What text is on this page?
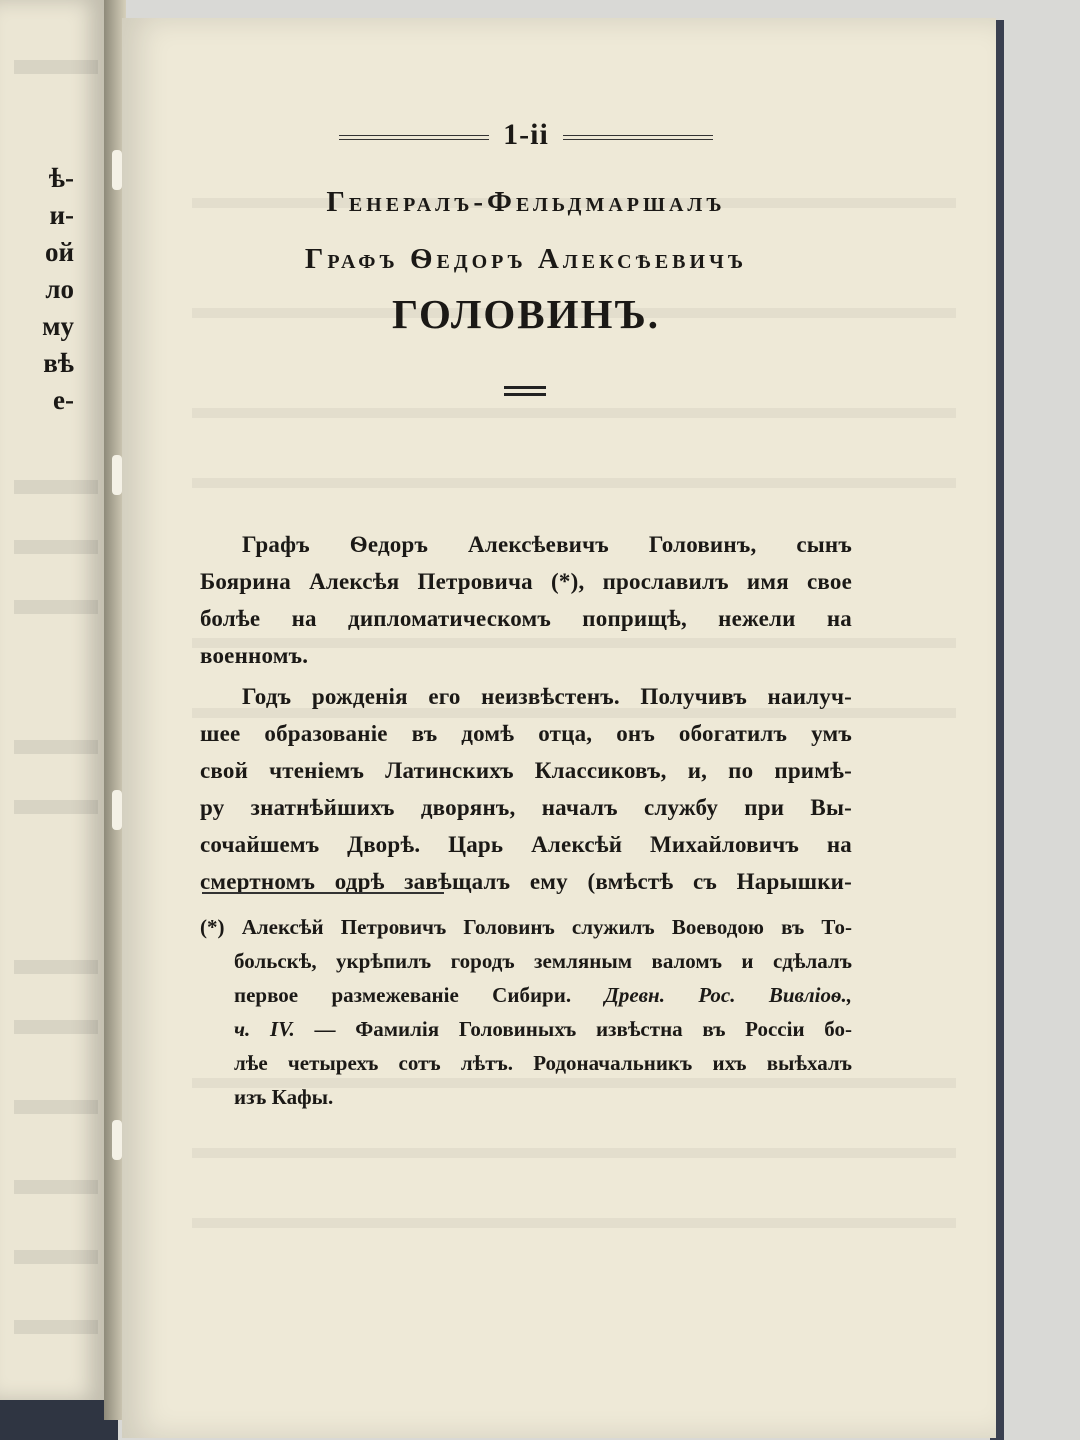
ѣ-
и-
ой
ло
му
вѣ
е-
1-ii
Генералъ-Фельдмаршалъ
Графъ Ѳедоръ Алексѣевичъ
ГОЛОВИНЪ.
Графъ Ѳедоръ Алексѣевичъ Головинъ, сынъ
Боярина Алексѣя Петровича (*), прославилъ имя свое
болѣе на дипломатическомъ поприщѣ, нежели на
военномъ.
Годъ рожденія его неизвѣстенъ. Получивъ наилуч-
шее образованіе въ домѣ отца, онъ обогатилъ умъ
свой чтеніемъ Латинскихъ Классиковъ, и, по примѣ-
ру знатнѣйшихъ дворянъ, началъ службу при Вы-
сочайшемъ Дворѣ. Царь Алексѣй Михайловичъ на
смертномъ одрѣ завѣщалъ ему (вмѣстѣ съ Нарышки-
(*) Алексѣй Петровичъ Головинъ служилъ Воеводою въ То-
больскѣ, укрѣпилъ городъ земляным валомъ и сдѣлалъ
первое размежеваніе Сибири. Древн. Рос. Вивліоѳ.,
ч. IV. — Фамилія Головиныхъ извѣстна въ Россіи бо-
лѣе четырехъ сотъ лѣтъ. Родоначальникъ ихъ выѣхалъ
изъ Кафы.
